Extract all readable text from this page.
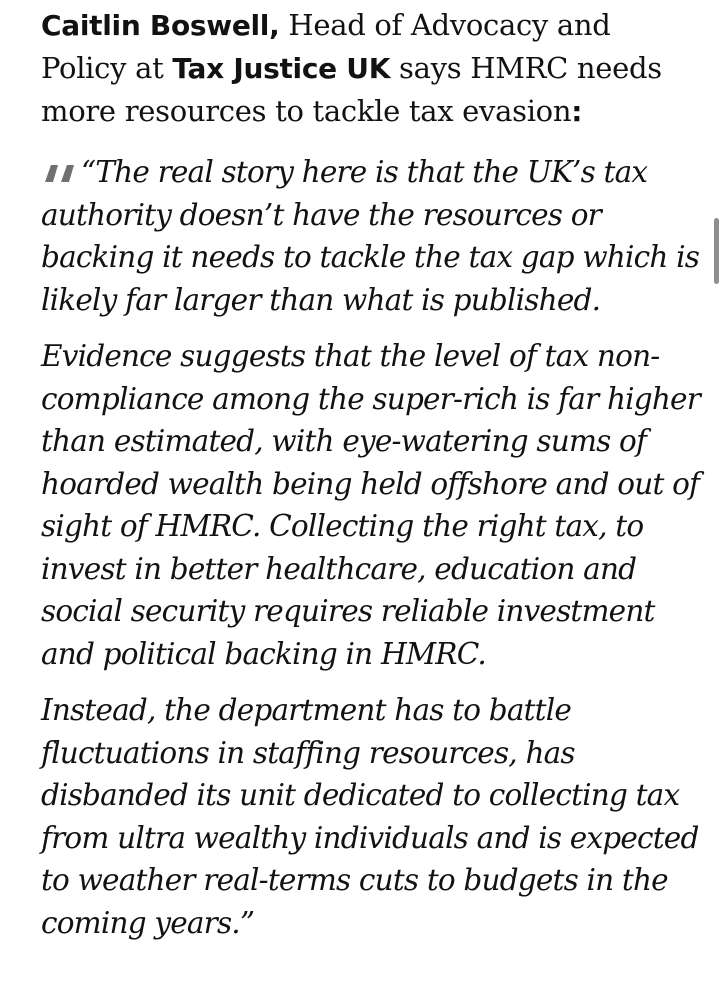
Caitlin Boswell, Head of Advocacy and Policy at Tax Justice UK says HMRC needs more resources to tackle tax evasion:

“The real story here is that the UK’s tax authority doesn’t have the resources or backing it needs to tackle the tax gap which is likely far larger than what is published.

Evidence suggests that the level of tax non-compliance among the super-rich is far higher than estimated, with eye-watering sums of hoarded wealth being held offshore and out of sight of HMRC. Collecting the right tax, to invest in better healthcare, education and social security requires reliable investment and political backing in HMRC.

Instead, the department has to battle fluctuations in staffing resources, has disbanded its unit dedicated to collecting tax from ultra wealthy individuals and is expected to weather real-terms cuts to budgets in the coming years.”
